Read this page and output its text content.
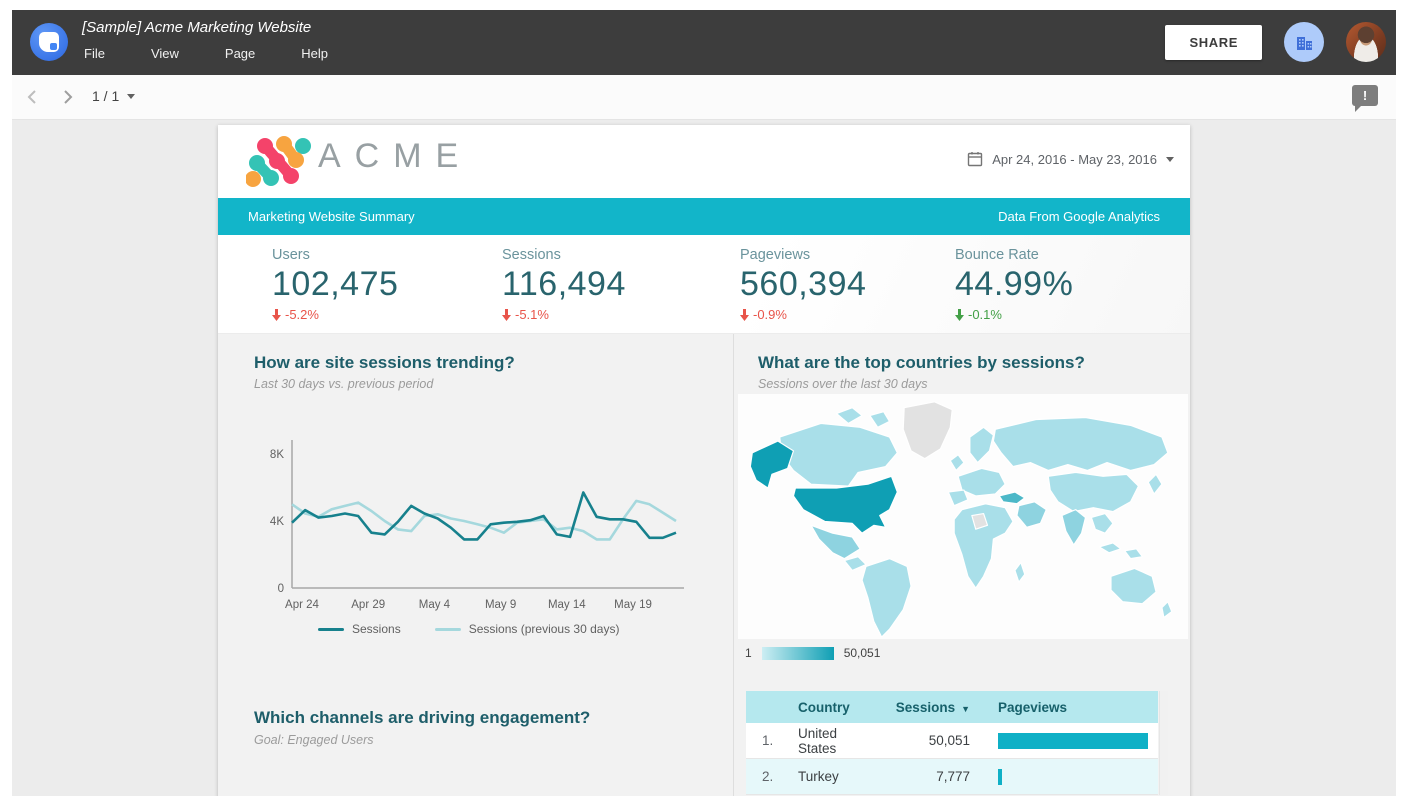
[Sample] Acme Marketing Website
File	View	Page	Help
SHARE
1 / 1	!
ACME	Apr 24, 2016 - May 23, 2016
Marketing Website Summary	Data From Google Analytics
Users
102,475
-5.2%
Sessions
116,494
-5.1%
Pageviews
560,394
-0.9%
Bounce Rate
44.99%
-0.1%
How are site sessions trending?
Last 30 days vs. previous period
0
4K
8K
Apr 24	Apr 29	May 4	May 9	May 14 May 19
Sessions	Sessions (previous 30 days)
Which channels are driving engagement?
Goal: Engaged Users
What are the top countries by sessions?
Sessions over the last 30 days
1	50,051
Country	Sessions ▼	Pageviews
1.	United States	50,051
2.	Turkey	7,777
